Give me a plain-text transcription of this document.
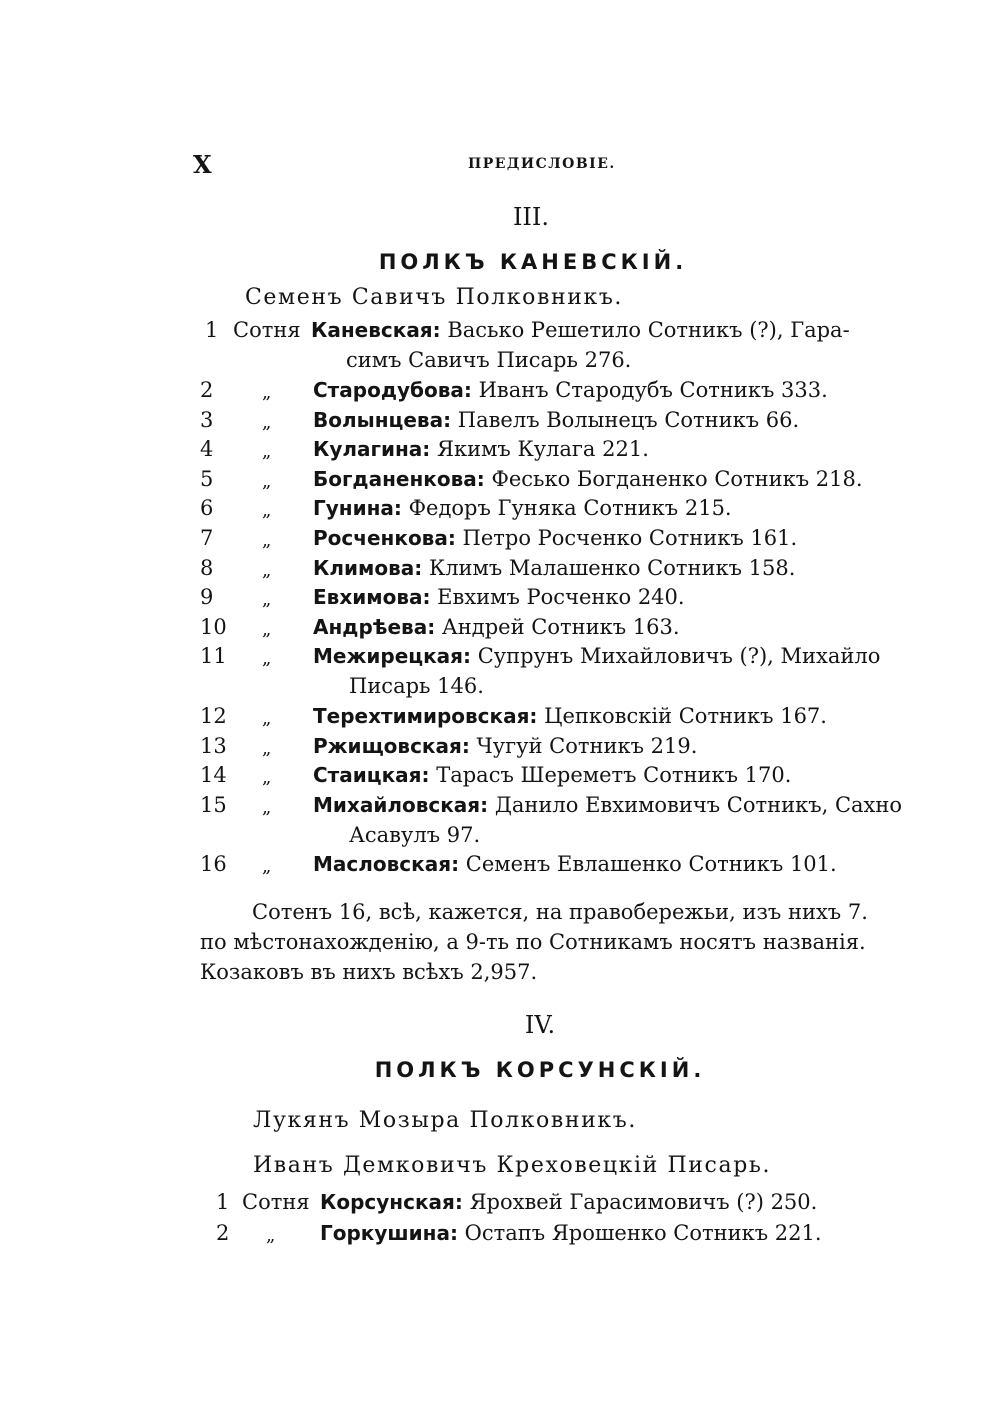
X	ПРЕДИСЛОВІЕ.
III.
ПОЛКЪ КАНЕВСКІЙ.
Семенъ Савичъ Полковникъ.
1 Сотня Каневская: Васько Решетило Сотникъ (?), Гара-
симъ Савичъ Писарь 276.
2	„ Стародубова: Иванъ Стародубъ Сотникъ 333.
3	„ Волынцева: Павелъ Волынецъ Сотникъ 66.
4	„ Кулагина: Якимъ Кулага 221.
5	„ Богданенкова: Фесько Богданенко Сотникъ 218.
6	„ Гунина: Федоръ Гуняка Сотникъ 215.
7	„ Росченкова: Петро Росченко Сотникъ 161.
8	„ Климова: Климъ Малашенко Сотникъ 158.
9	„ Евхимова: Евхимъ Росченко 240.
10	„ Андрѣева: Андрей Сотникъ 163.
11	„ Межирецкая: Супрунъ Михайловичъ (?), Михайло
Писарь 146.
12	„ Терехтимировская: Цепковскій Сотникъ 167.
13	„ Ржищовская: Чугуй Сотникъ 219.
14	„ Стаицкая: Тарасъ Шереметъ Сотникъ 170.
15	„ Михайловская: Данило Евхимовичъ Сотникъ, Сахно
Асавулъ 97.
16	„ Масловская: Семенъ Евлашенко Сотникъ 101.
Сотенъ 16, всѣ, кажется, на правобережьи, изъ нихъ 7.
по мѣстонахожденію, а 9-ть по Сотникамъ носятъ названія.
Козаковъ въ нихъ всѣхъ 2,957.
IV.
ПОЛКЪ КОРСУНСКІЙ.
Лукянъ Мозыра Полковникъ.
Иванъ Демковичъ Креховецкій Писарь.
1 Сотня Корсунская: Ярохвей Гарасимовичъ (?) 250.
2	„ Горкушина: Остапъ Ярошенко Сотникъ 221.
